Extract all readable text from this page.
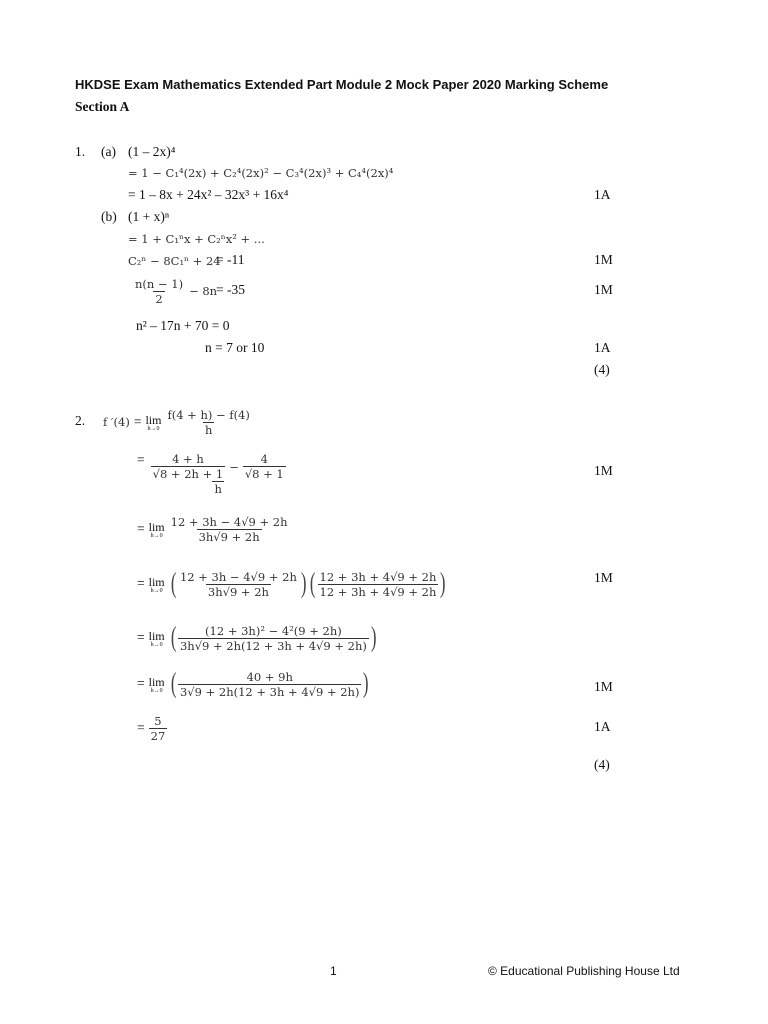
HKDSE Exam Mathematics Extended Part Module 2 Mock Paper 2020 Marking Scheme
Section A
1. (a) (1 – 2x)⁴
= 1 − C₁⁴(2x) + C₂⁴(2x)² − C₃⁴(2x)³ + C₄⁴(2x)⁴
= 1 – 8x + 24x² – 32x³ + 16x⁴	1A
(b) (1 + x)ⁿ
= 1 + C₁ⁿx + C₂ⁿx² + ...
C₂ⁿ − 8C₁ⁿ + 24
= -11	1M
$\frac{n(n - 1)}{2} - 8n$
= -35	1M
n² – 17n + 70 = 0
n = 7 or 10	1A
(4)
2. f ′(4) = lim
h→0
$\frac{f(4 + h) - f(4)}{h}$
$^= \frac{\frac{4 + h}{√8 + 2h + 1} - \frac{4}{√8 + 1}}{h}$	1M
= lim
h→0
$\frac{12 + 3h - 4√9 + 2h}{3h√9 + 2h}$
= lim
h→0 ( $\frac{12 + 3h - 4√9 + 2h}{3h√9 + 2h}$ ) ( $\frac{12 + 3h + 4√9 + 2h}{12 + 3h + 4√9 + 2h}$ )	1M
= lim
h→0 ( $\frac{\text{(12 + 3h)² − 4²(9 + 2h)}}{3h√9 + 2h(12 + 3h + 4√9 + 2h)}$ )
= lim
h→0 ( $\frac{40 + 9h}{3√9 + 2h(12 + 3h + 4√9 + 2h)}$ )	1M
= $\frac{5}{27}$	1A
(4)
1	© Educational Publishing House Ltd
